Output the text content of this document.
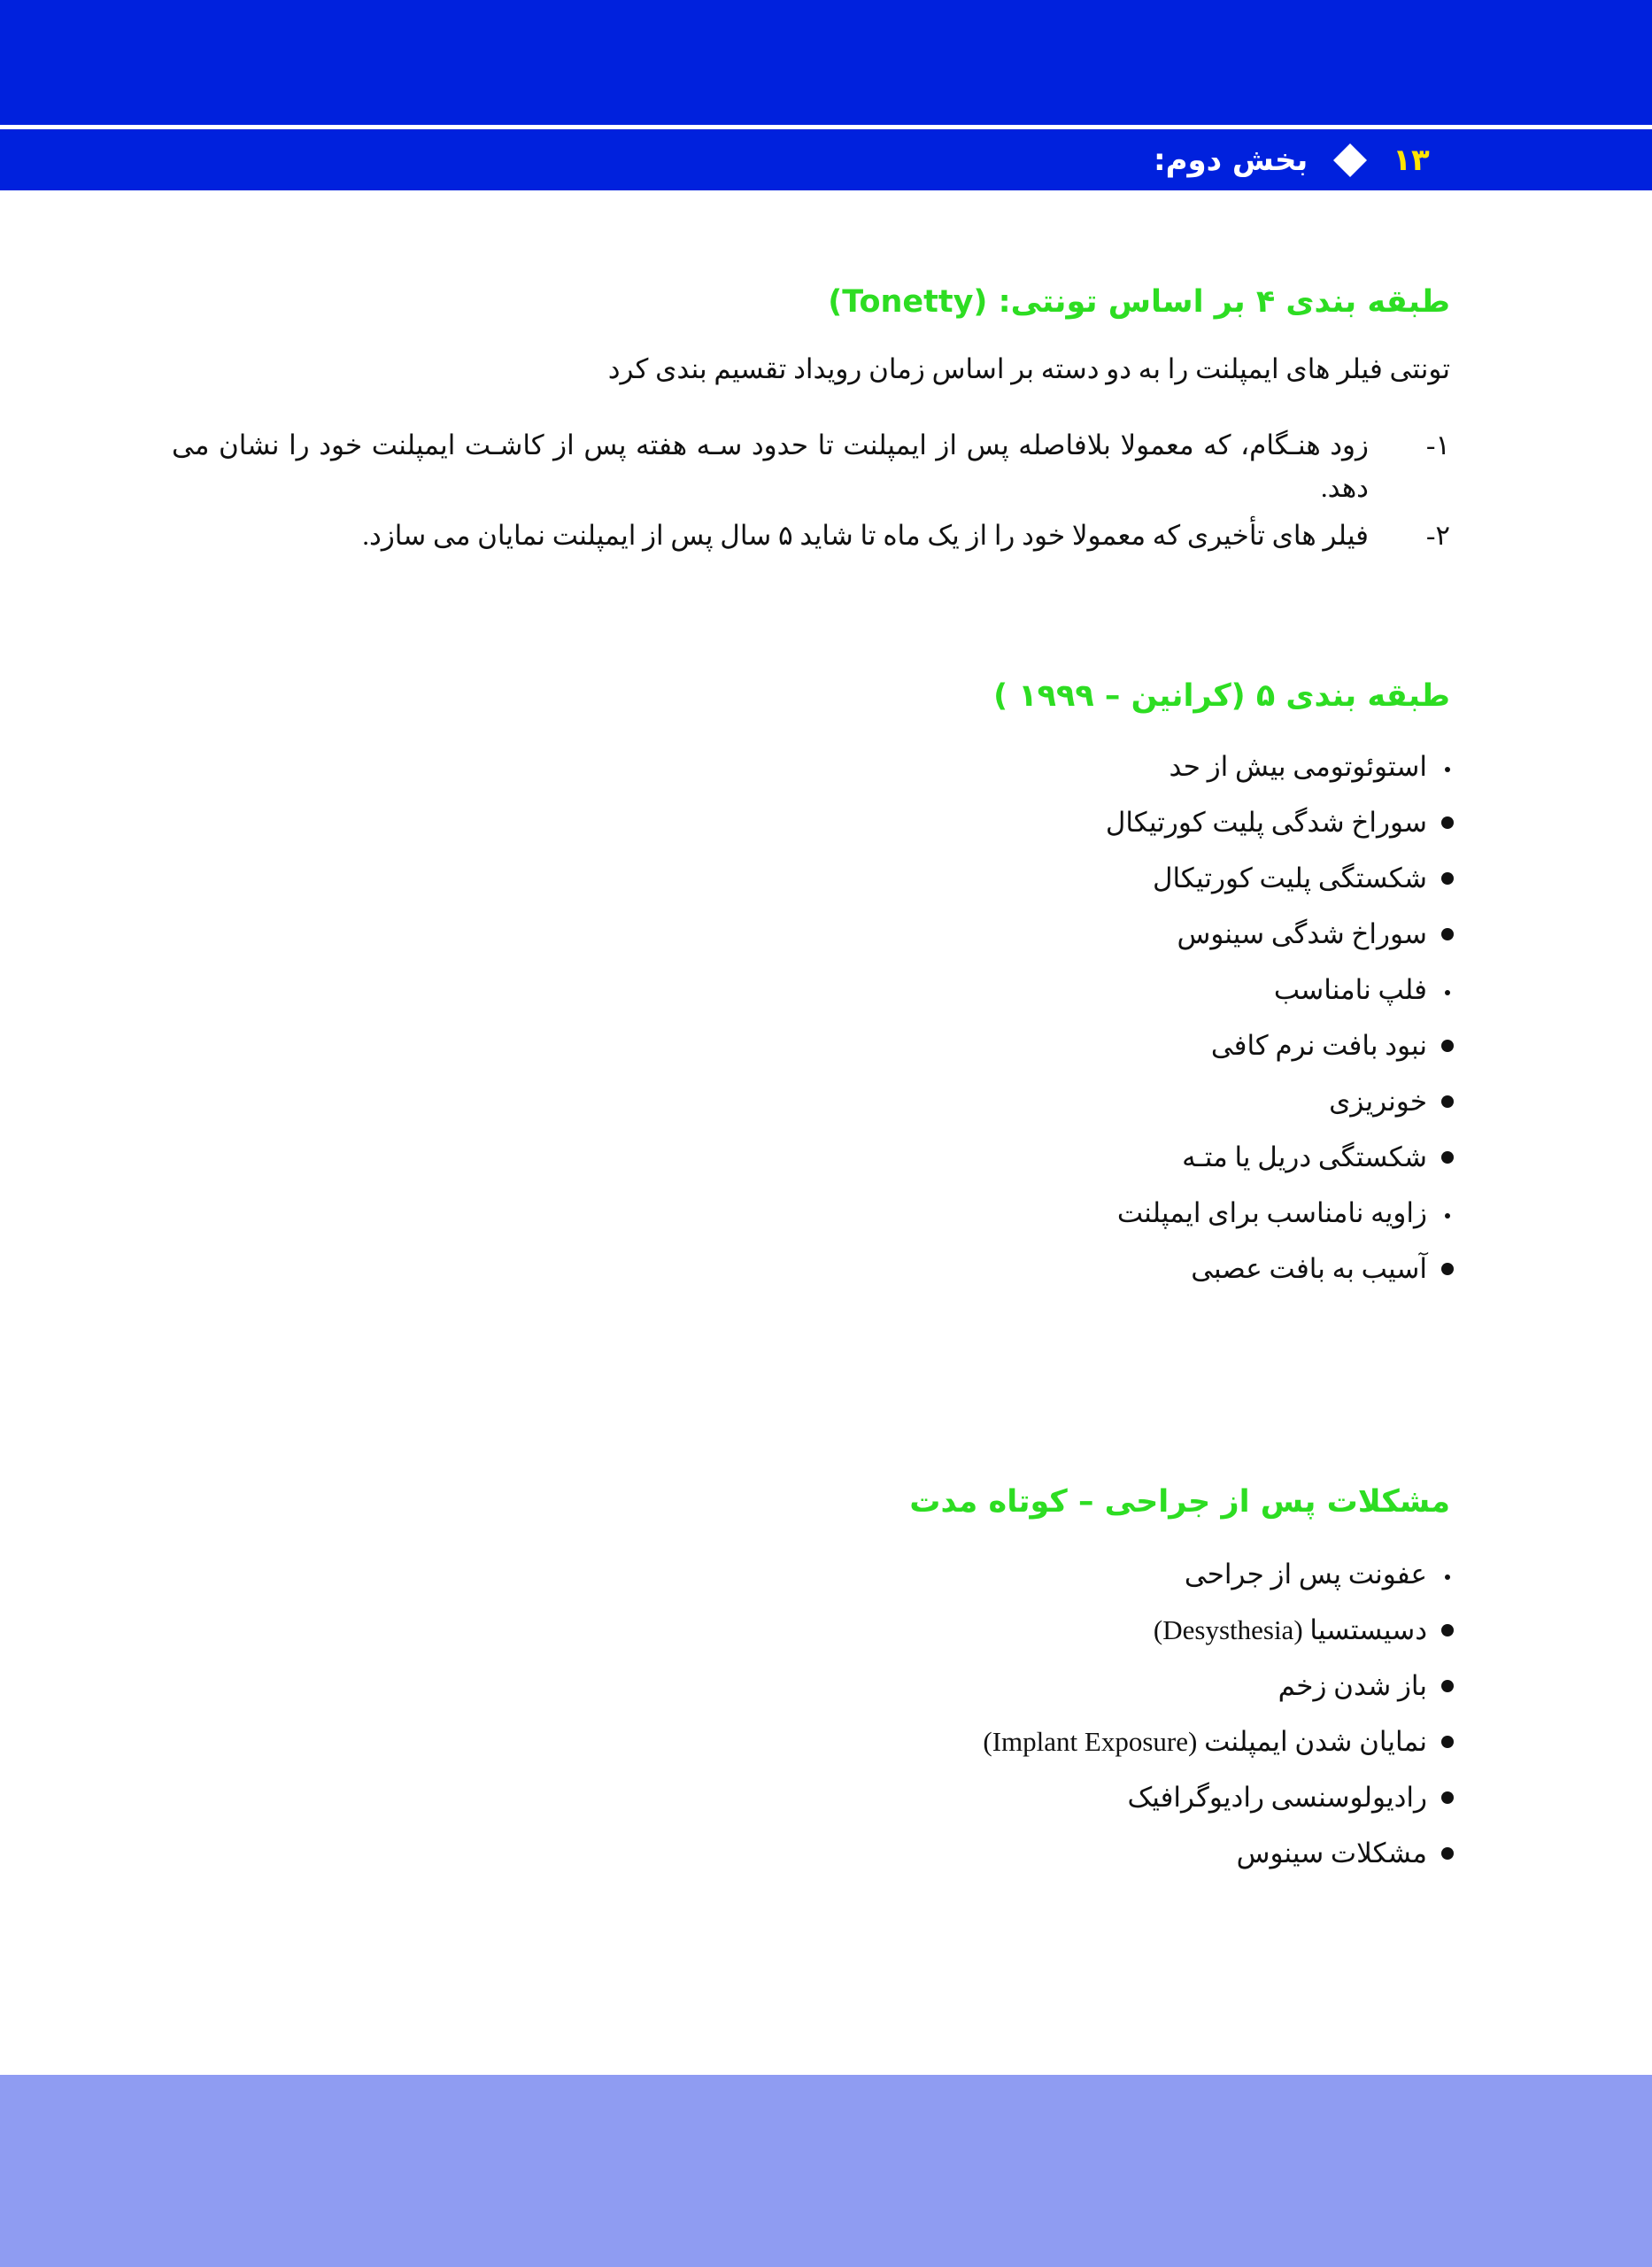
بخش دوم:	۱۳
طبقه بندی ۴ بر اساس تونتی: (Tonetty)

تونتی فیلر های ایمپلنت را به دو دسته بر اساس زمان رویداد تقسیم بندی کرد

۱-
زود هنـگام، که معمولا بلافاصله پس از ایمپلنت تا حدود سـه هفته پس از کاشـت ایمپلنت خود را نشان می دهد.
۲-
فیلر های تأخیری که معمولا خود را از یک ماه تا شاید ۵ سال پس از ایمپلنت نمایان می سازد.
طبقه بندی ۵ (کرانین – ۱۹۹۹ )
استوئوتومی بیش از حد
سوراخ شدگی پلیت کورتیکال
شکستگی پلیت کورتیکال
سوراخ شدگی سینوس
فلپ نامناسب
نبود بافت نرم کافی
خونریزی
شکستگی دریل یا متـه
زاویه نامناسب برای ایمپلنت
آسیب به بافت عصبی
مشکلات پس از جراحی – کوتاه مدت
عفونت پس از جراحی
دسیستسیا (Desysthesia)
باز شدن زخم
نمایان شدن ایمپلنت (Implant Exposure)
رادیولوسنسی رادیوگرافیک
مشکلات سینوس
